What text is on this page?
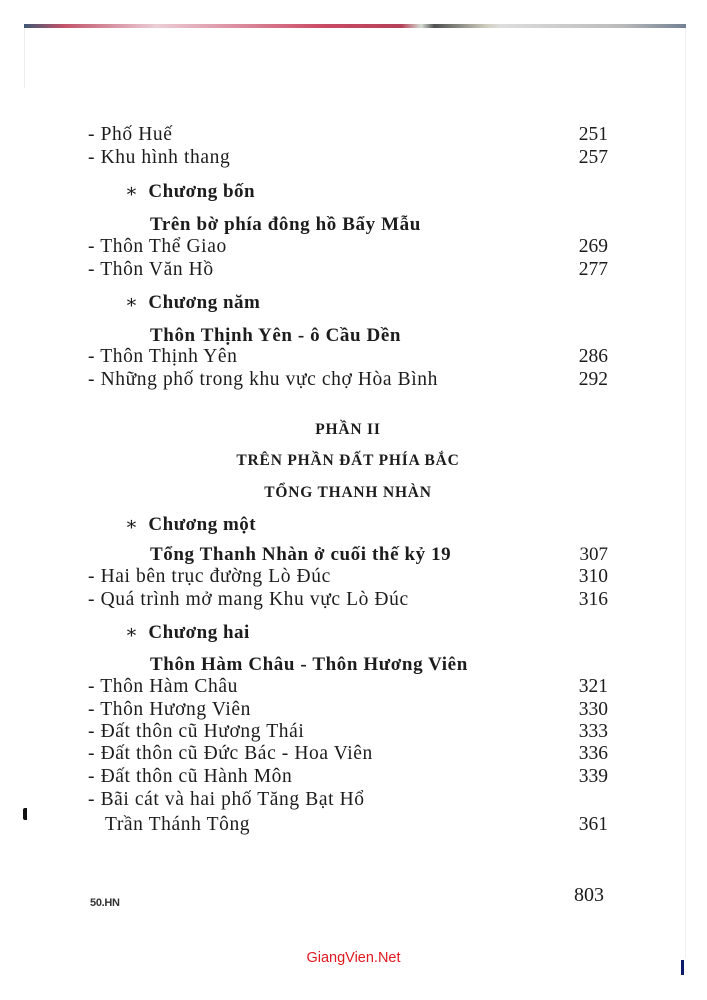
- Phố Huế	251
- Khu hình thang	257
∗ Chương bốn
Trên bờ phía đông hồ Bẩy Mẫu
- Thôn Thể Giao	269
- Thôn Văn Hồ	277
∗ Chương năm
Thôn Thịnh Yên - ô Cầu Dền
- Thôn Thịnh Yên	286
- Những phố trong khu vực chợ Hòa Bình	292
PHẦN II
TRÊN PHẦN ĐẤT PHÍA BẮC
TỔNG THANH NHÀN
∗ Chương một
Tổng Thanh Nhàn ở cuối thế kỷ 19	307
- Hai bên trục đường Lò Đúc	310
- Quá trình mở mang Khu vực Lò Đúc	316
∗ Chương hai
Thôn Hàm Châu - Thôn Hương Viên
- Thôn Hàm Châu	321
- Thôn Hương Viên	330
- Đất thôn cũ Hương Thái	333
- Đất thôn cũ Đức Bác - Hoa Viên	336
- Đất thôn cũ Hành Môn	339
- Bãi cát và hai phố Tăng Bạt Hổ
Trần Thánh Tông	361
50.HN	803
GiangVien.Net
